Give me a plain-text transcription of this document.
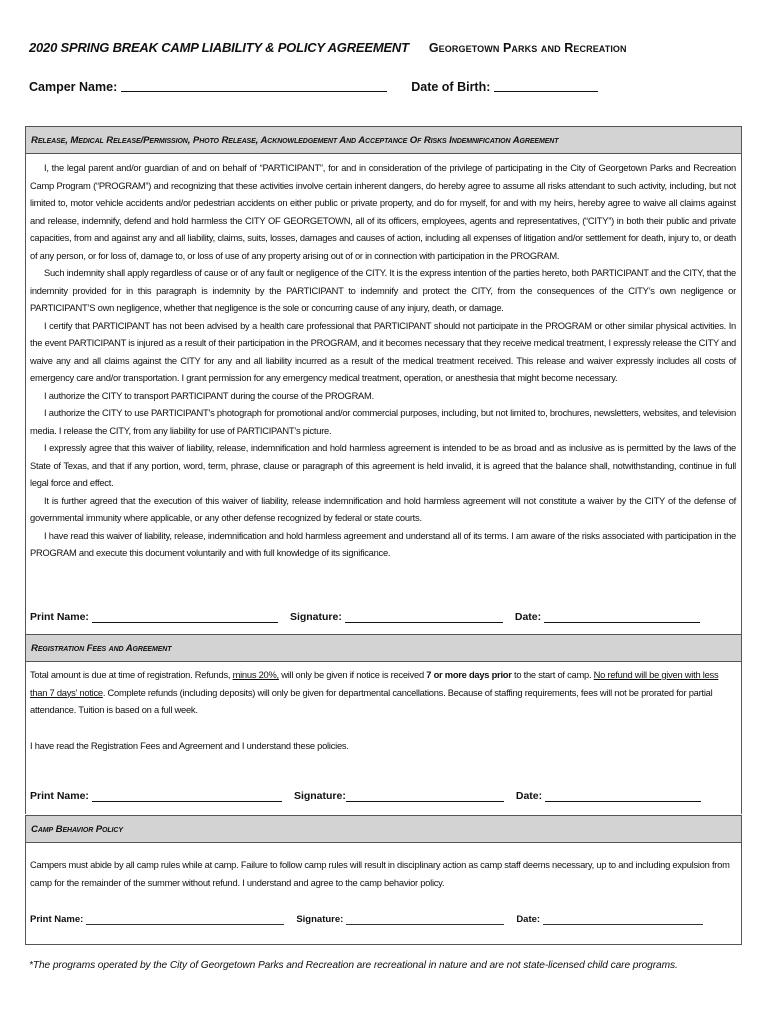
2020 SPRING BREAK CAMP LIABILITY & POLICY AGREEMENT Georgetown Parks and Recreation
Camper Name:	Date of Birth:
Release, Medical Release/Permission, Photo Release, Acknowledgement And Acceptance Of Risks Indemnification Agreement

I, the legal parent and/or guardian of and on behalf of “PARTICIPANT”, for and in consideration of the privilege of participating in the City of Georgetown Parks and Recreation Camp Program (“PROGRAM”) and recognizing that these activities involve certain inherent dangers, do hereby agree to assume all risks attendant to such activity, including, but not limited to, motor vehicle accidents and/or pedestrian accidents on either public or private property, and do for myself, for and with my heirs, hereby agree to waive all claims against and release, indemnify, defend and hold harmless the CITY OF GEORGETOWN, all of its officers, employees, agents and representatives, (“CITY”) in both their public and private capacities, from and against any and all liability, claims, suits, losses, damages and causes of action, including all expenses of litigation and/or settlement for death, injury to, or death of any person, or for loss of, damage to, or loss of use of any property arising out of or in connection with participation in the PROGRAM.

Such indemnity shall apply regardless of cause or of any fault or negligence of the CITY. It is the express intention of the parties hereto, both PARTICIPANT and the CITY, that the indemnity provided for in this paragraph is indemnity by the PARTICIPANT to indemnify and protect the CITY, from the consequences of the CITY’s own negligence or PARTICIPANT’S own negligence, whether that negligence is the sole or concurring cause of any injury, death, or damage.

I certify that PARTICIPANT has not been advised by a health care professional that PARTICIPANT should not participate in the PROGRAM or other similar physical activities. In the event PARTICIPANT is injured as a result of their participation in the PROGRAM, and it becomes necessary that they receive medical treatment, I expressly release the CITY and waive any and all claims against the CITY for any and all liability incurred as a result of the medical treatment received. This release and waiver expressly includes all costs of emergency care and/or transportation. I grant permission for any emergency medical treatment, operation, or anesthesia that might become necessary.

I authorize the CITY to transport PARTICIPANT during the course of the PROGRAM.

I authorize the CITY to use PARTICIPANT’s photograph for promotional and/or commercial purposes, including, but not limited to, brochures, newsletters, websites, and television media. I release the CITY, from any liability for use of PARTICIPANT’s picture.

I expressly agree that this waiver of liability, release, indemnification and hold harmless agreement is intended to be as broad and as inclusive as is permitted by the laws of the State of Texas, and that if any portion, word, term, phrase, clause or paragraph of this agreement is held invalid, it is agreed that the balance shall, notwithstanding, continue in full legal force and effect.

It is further agreed that the execution of this waiver of liability, release indemnification and hold harmless agreement will not constitute a waiver by the CITY of the defense of governmental immunity where applicable, or any other defense recognized by federal or state courts.

I have read this waiver of liability, release, indemnification and hold harmless agreement and understand all of its terms. I am aware of the risks associated with participation in the PROGRAM and execute this document voluntarily and with full knowledge of its significance.

Print Name:	Signature:	Date:
Registration Fees and Agreement
Total amount is due at time of registration. Refunds, minus 20%, will only be given if notice is received 7 or more days prior to the start of camp. No refund will be given with less than 7 days’ notice. Complete refunds (including deposits) will only be given for departmental cancellations. Because of staffing requirements, fees will not be prorated for partial attendance. Tuition is based on a full week.
I have read the Registration Fees and Agreement and I understand these policies.
Print Name:	Signature:	Date:
Camp Behavior Policy
Campers must abide by all camp rules while at camp. Failure to follow camp rules will result in disciplinary action as camp staff deems necessary, up to and including expulsion from camp for the remainder of the summer without refund. I understand and agree to the camp behavior policy.
Print Name:	Signature:	Date:
*The programs operated by the City of Georgetown Parks and Recreation are recreational in nature and are not state-licensed child care programs.
